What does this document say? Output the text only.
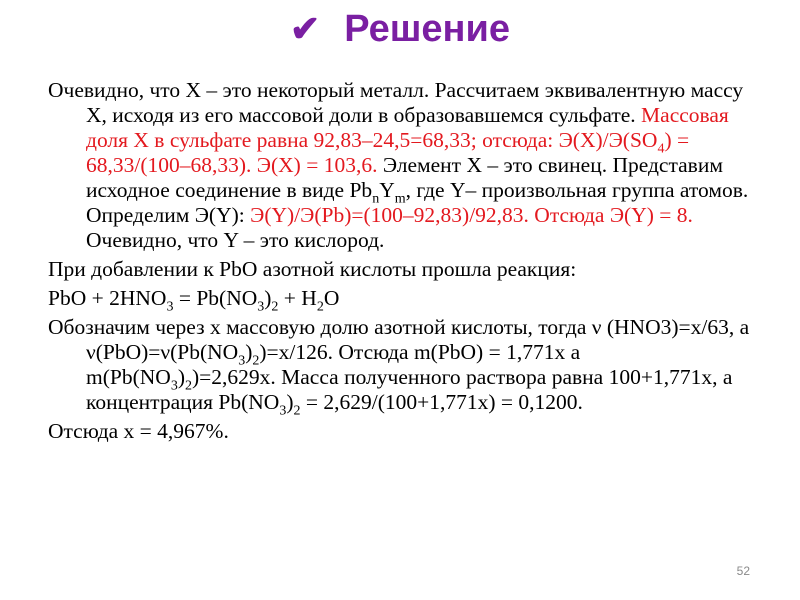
✔ Решение

Очевидно, что X – это некоторый металл. Рассчитаем эквивалентную массу X, исходя из его массовой доли в образовавшемся сульфате. Массовая доля X в сульфате равна 92,83–24,5=68,33; отсюда: $Э(X)/Э(SO_4) = 68,33/(100-68,33)$. Э(X) = 103,6. Элемент X – это свинец. Представим исходное соединение в виде $Pb_nY_m$, где Y– произвольная группа атомов. Определим Э(Y): Э(Y)/Э(Pb)=(100–92,83)/92,83. Отсюда Э(Y) = 8. Очевидно, что Y – это кислород.

При добавлении к PbO азотной кислоты прошла реакция:

PbO + $2HNO_3 = Pb(NO_3)_2 + H_2O$

Обозначим через x массовую долю азотной кислоты, тогда ν (HNO3)=x/63, а $\nu(PbO)=\nu(Pb(NO_3)_2)=x/126$. Отсюда m(PbO) = 1,771x а $m(Pb(NO_3)_2)=2,629x$. Масса полученного раствора равна 100+1,771x, а концентрация $Pb(NO_3)_2 = 2,629/(100+1,771x) = 0,1200$.

Отсюда x = 4,967%.

52
